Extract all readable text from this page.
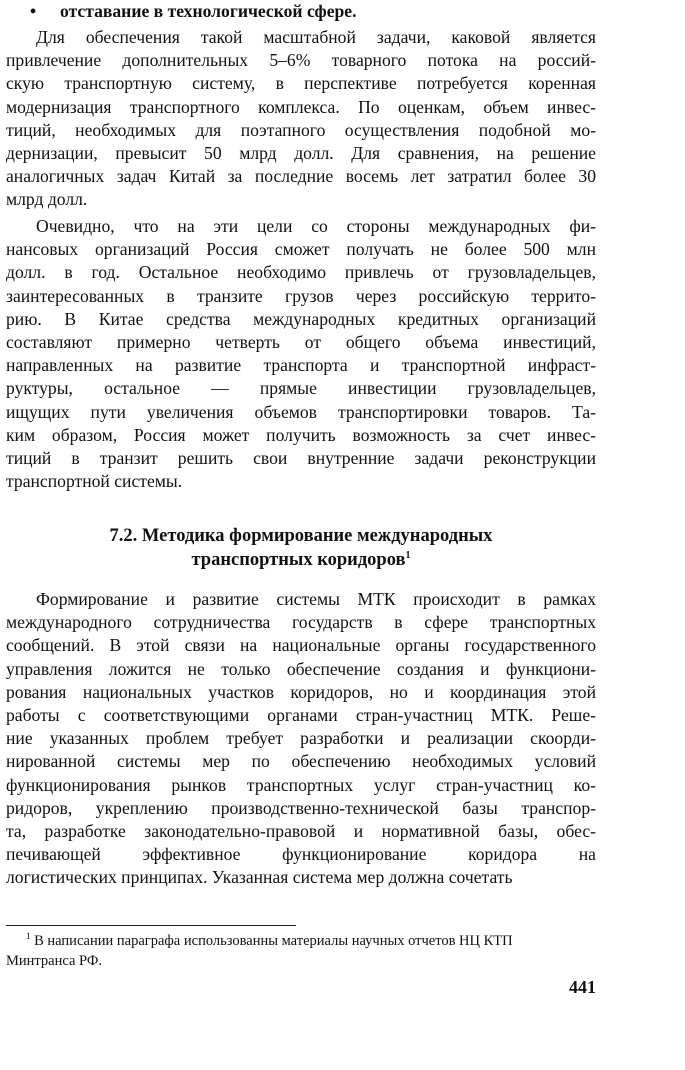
• отставание в технологической сфере.
Для обеспечения такой масштабной задачи, каковой является
привлечение дополнительных 5–6% товарного потока на россий-
скую транспортную систему, в перспективе потребуется коренная
модернизация транспортного комплекса. По оценкам, объем инвес-
тиций, необходимых для поэтапного осуществления подобной мо-
дернизации, превысит 50 млрд долл. Для сравнения, на решение
аналогичных задач Китай за последние восемь лет затратил более 30
млрд долл.
Очевидно, что на эти цели со стороны международных фи-
нансовых организаций Россия сможет получать не более 500 млн
долл. в год. Остальное необходимо привлечь от грузовладельцев,
заинтересованных в транзите грузов через российскую террито-
рию. В Китае средства международных кредитных организаций
составляют примерно четверть от общего объема инвестиций,
направленных на развитие транспорта и транспортной инфраст-
руктуры, остальное — прямые инвестиции грузовладельцев,
ищущих пути увеличения объемов транспортировки товаров. Та-
ким образом, Россия может получить возможность за счет инвес-
тиций в транзит решить свои внутренние задачи реконструкции
транспортной системы.
7.2. Методика формирование международных
транспортных коридоров$^1$
Формирование и развитие системы МТК происходит в рамках
международного сотрудничества государств в сфере транспортных
сообщений. В этой связи на национальные органы государственного
управления ложится не только обеспечение создания и функциони-
рования национальных участков коридоров, но и координация этой
работы с соответствующими органами стран-участниц МТК. Реше-
ние указанных проблем требует разработки и реализации скоорди-
нированной системы мер по обеспечению необходимых условий
функционирования рынков транспортных услуг стран-участниц ко-
ридоров, укреплению производственно-технической базы транспор-
та, разработке законодательно-правовой и нормативной базы, обес-
печивающей эффективное функционирование коридора на
логистических принципах. Указанная система мер должна сочетать
$^1$ В написании параграфа использованны материалы научных отчетов НЦ КТП
Минтранса РФ.
441
